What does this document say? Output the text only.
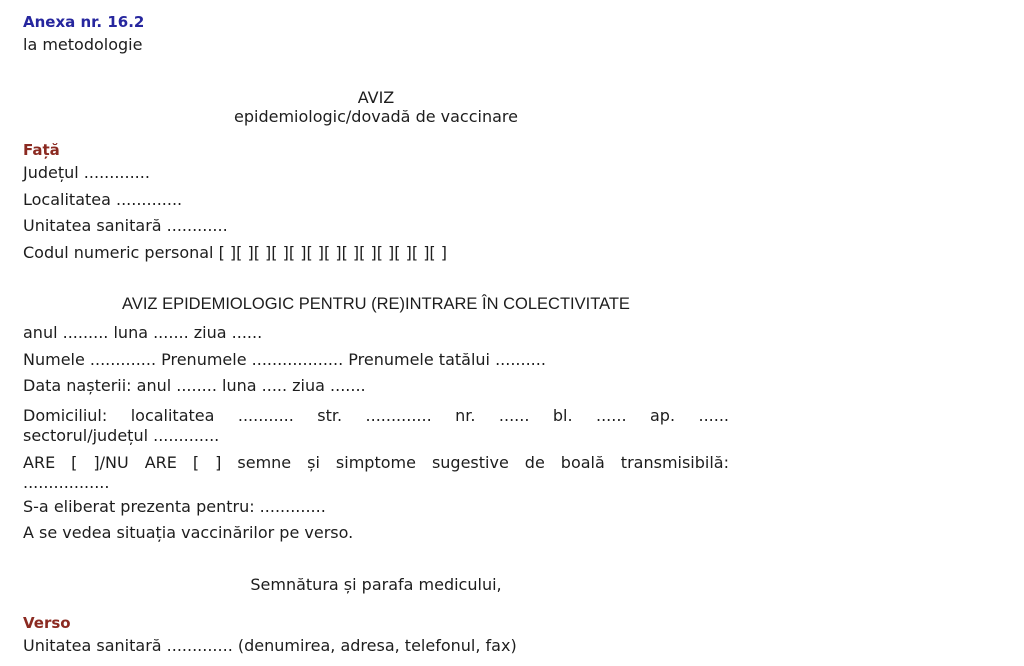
Anexa nr. 16.2
la metodologie
AVIZ
epidemiologic/dovadă de vaccinare
Față
Județul .............
Localitatea .............
Unitatea sanitară ............
Codul numeric personal [ ][ ][ ][ ][ ][ ][ ][ ][ ][ ][ ][ ][ ]
AVIZ EPIDEMIOLOGIC PENTRU (RE)INTRARE ÎN COLECTIVITATE
anul ......... luna ....... ziua ......
Numele ............. Prenumele .................. Prenumele tatălui ..........
Data nașterii: anul ........ luna ..... ziua .......
Domiciliul: localitatea ........... str. ............. nr. ...... bl. ...... ap. ......
sectorul/județul .............
ARE [ ]/NU ARE [ ] semne și simptome sugestive de boală transmisibilă:
.................
S-a eliberat prezenta pentru: .............
A se vedea situația vaccinărilor pe verso.
Semnătura și parafa medicului,
Verso
Unitatea sanitară ............. (denumirea, adresa, telefonul, fax)
